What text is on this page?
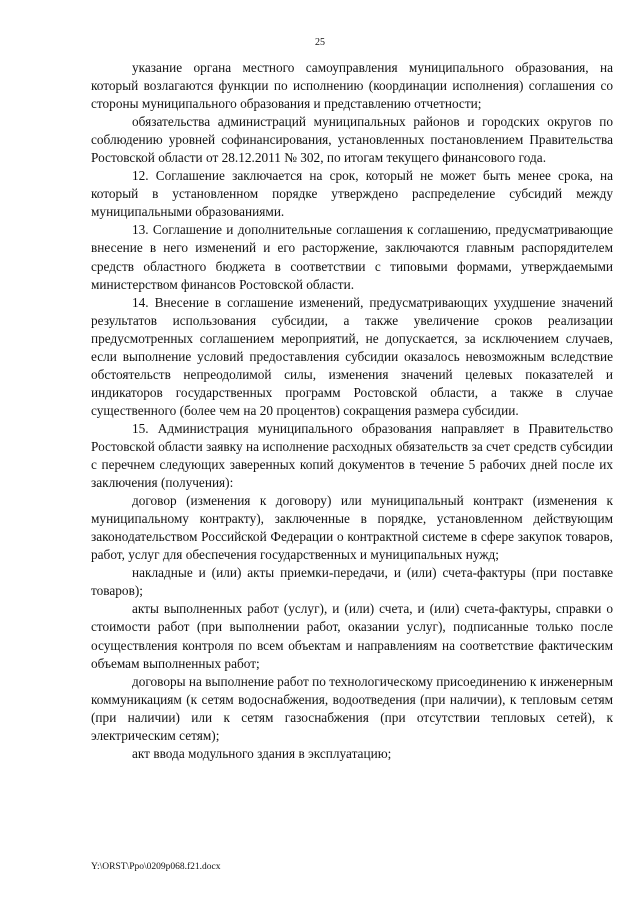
25

указание органа местного самоуправления муниципального образования, на который возлагаются функции по исполнению (координации исполнения) соглашения со стороны муниципального образования и представлению отчетности;

обязательства администраций муниципальных районов и городских округов по соблюдению уровней софинансирования, установленных постановлением Правительства Ростовской области от 28.12.2011 № 302, по итогам текущего финансового года.

12. Соглашение заключается на срок, который не может быть менее срока, на который в установленном порядке утверждено распределение субсидий между муниципальными образованиями.

13. Соглашение и дополнительные соглашения к соглашению, предусматривающие внесение в него изменений и его расторжение, заключаются главным распорядителем средств областного бюджета в соответствии с типовыми формами, утверждаемыми министерством финансов Ростовской области.

14. Внесение в соглашение изменений, предусматривающих ухудшение значений результатов использования субсидии, а также увеличение сроков реализации предусмотренных соглашением мероприятий, не допускается, за исключением случаев, если выполнение условий предоставления субсидии оказалось невозможным вследствие обстоятельств непреодолимой силы, изменения значений целевых показателей и индикаторов государственных программ Ростовской области, а также в случае существенного (более чем на 20 процентов) сокращения размера субсидии.

15. Администрация муниципального образования направляет в Правительство Ростовской области заявку на исполнение расходных обязательств за счет средств субсидии с перечнем следующих заверенных копий документов в течение 5 рабочих дней после их заключения (получения):

договор (изменения к договору) или муниципальный контракт (изменения к муниципальному контракту), заключенные в порядке, установленном действующим законодательством Российской Федерации о контрактной системе в сфере закупок товаров, работ, услуг для обеспечения государственных и муниципальных нужд;

накладные и (или) акты приемки-передачи, и (или) счета-фактуры (при поставке товаров);

акты выполненных работ (услуг), и (или) счета, и (или) счета-фактуры, справки о стоимости работ (при выполнении работ, оказании услуг), подписанные только после осуществления контроля по всем объектам и направлениям на соответствие фактическим объемам выполненных работ;

договоры на выполнение работ по технологическому присоединению к инженерным коммуникациям (к сетям водоснабжения, водоотведения (при наличии), к тепловым сетям (при наличии) или к сетям газоснабжения (при отсутствии тепловых сетей), к электрическим сетям);

акт ввода модульного здания в эксплуатацию;

Y:\ORST\Ppo\0209p068.f21.docx
